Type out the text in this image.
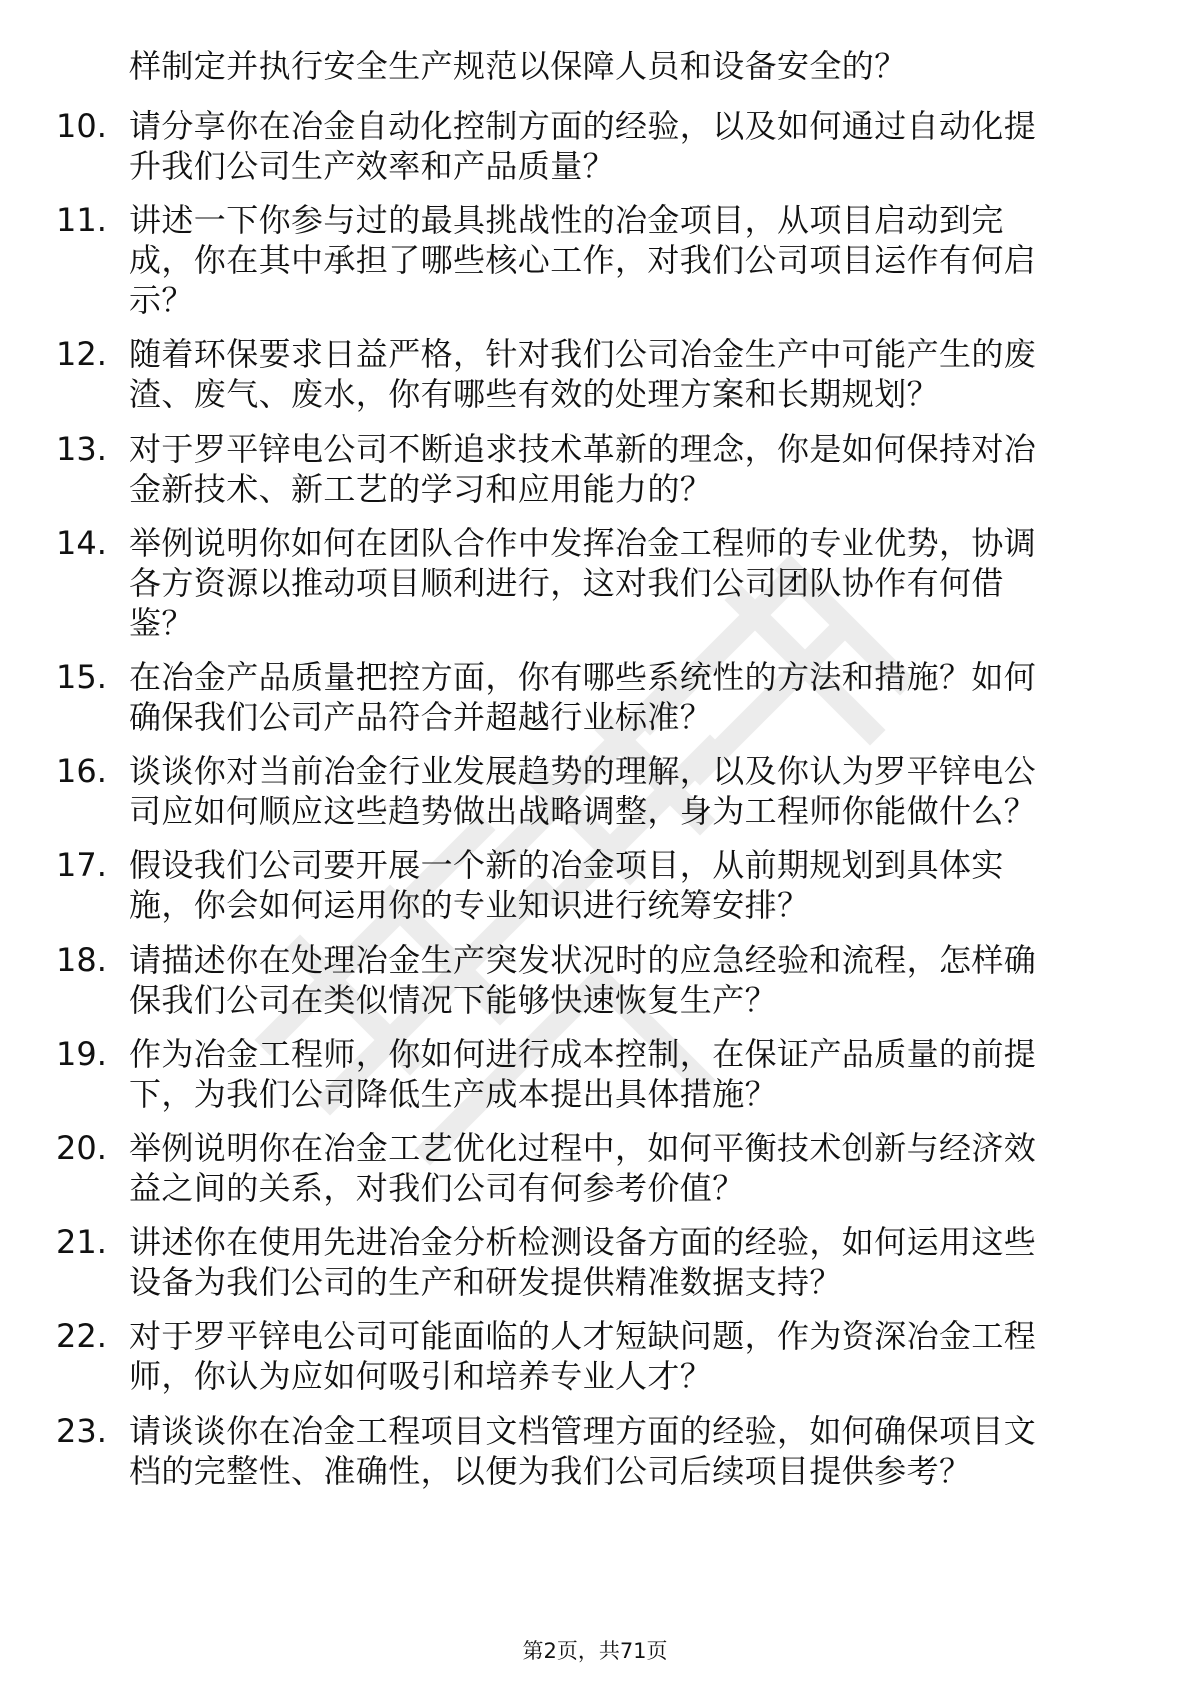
样制定并执行安全生产规范以保障人员和设备安全的？
10. 请分享你在冶金自动化控制方面的经验，以及如何通过自动化提
升我们公司生产效率和产品质量？
11. 讲述一下你参与过的最具挑战性的冶金项目，从项目启动到完
成，你在其中承担了哪些核心工作，对我们公司项目运作有何启
示？
12. 随着环保要求日益严格，针对我们公司冶金生产中可能产生的废
渣、废气、废水，你有哪些有效的处理方案和长期规划？
13. 对于罗平锌电公司不断追求技术革新的理念，你是如何保持对冶
金新技术、新工艺的学习和应用能力的？
14. 举例说明你如何在团队合作中发挥冶金工程师的专业优势，协调
各方资源以推动项目顺利进行，这对我们公司团队协作有何借
鉴？
15. 在冶金产品质量把控方面，你有哪些系统性的方法和措施？如何
确保我们公司产品符合并超越行业标准？
16. 谈谈你对当前冶金行业发展趋势的理解，以及你认为罗平锌电公
司应如何顺应这些趋势做出战略调整，身为工程师你能做什么？
17. 假设我们公司要开展一个新的冶金项目，从前期规划到具体实
施，你会如何运用你的专业知识进行统筹安排？
18. 请描述你在处理冶金生产突发状况时的应急经验和流程，怎样确
保我们公司在类似情况下能够快速恢复生产？
19. 作为冶金工程师，你如何进行成本控制，在保证产品质量的前提
下，为我们公司降低生产成本提出具体措施？
20. 举例说明你在冶金工艺优化过程中，如何平衡技术创新与经济效
益之间的关系，对我们公司有何参考价值？
21. 讲述你在使用先进冶金分析检测设备方面的经验，如何运用这些
设备为我们公司的生产和研发提供精准数据支持？
22. 对于罗平锌电公司可能面临的人才短缺问题，作为资深冶金工程
师，你认为应如何吸引和培养专业人才？
23. 请谈谈你在冶金工程项目文档管理方面的经验，如何确保项目文
档的完整性、准确性，以便为我们公司后续项目提供参考？
第2页，共71页
